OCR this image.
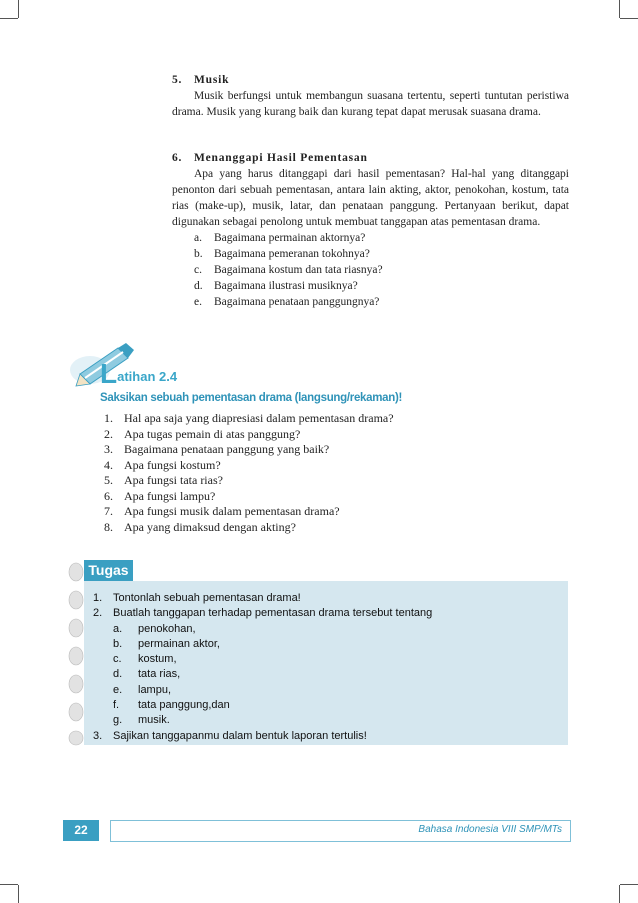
5. Musik

Musik berfungsi untuk membangun suasana tertentu, seperti tuntutan peristiwa drama. Musik yang kurang baik dan kurang tepat dapat merusak suasana drama.

6. Menanggapi Hasil Pementasan

Apa yang harus ditanggapi dari hasil pementasan? Hal-hal yang ditanggapi penonton dari sebuah pementasan, antara lain akting, aktor, penokohan, kostum, tata rias (make-up), musik, latar, dan penataan panggung. Pertanyaan berikut, dapat digunakan sebagai penolong untuk membuat tanggapan atas pementasan drama.

a. Bagaimana permainan aktornya?
b. Bagaimana pemeranan tokohnya?
c. Bagaimana kostum dan tata riasnya?
d. Bagaimana ilustrasi musiknya?
e. Bagaimana penataan panggungnya?
Latihan 2.4
Saksikan sebuah pementasan drama (langsung/rekaman)!
1. Hal apa saja yang diapresiasi dalam pementasan drama?
2. Apa tugas pemain di atas panggung?
3. Bagaimana penataan panggung yang baik?
4. Apa fungsi kostum?
5. Apa fungsi tata rias?
6. Apa fungsi lampu?
7. Apa fungsi musik dalam pementasan drama?
8. Apa yang dimaksud dengan akting?
Tugas
1. Tontonlah sebuah pementasan drama!
2. Buatlah tanggapan terhadap pementasan drama tersebut tentang
a. penokohan,
b. permainan aktor,
c. kostum,
d. tata rias,
e. lampu,
f. tata panggung,dan
g. musik.
3. Sajikan tanggapanmu dalam bentuk laporan tertulis!
22	Bahasa Indonesia VIII SMP/MTs
